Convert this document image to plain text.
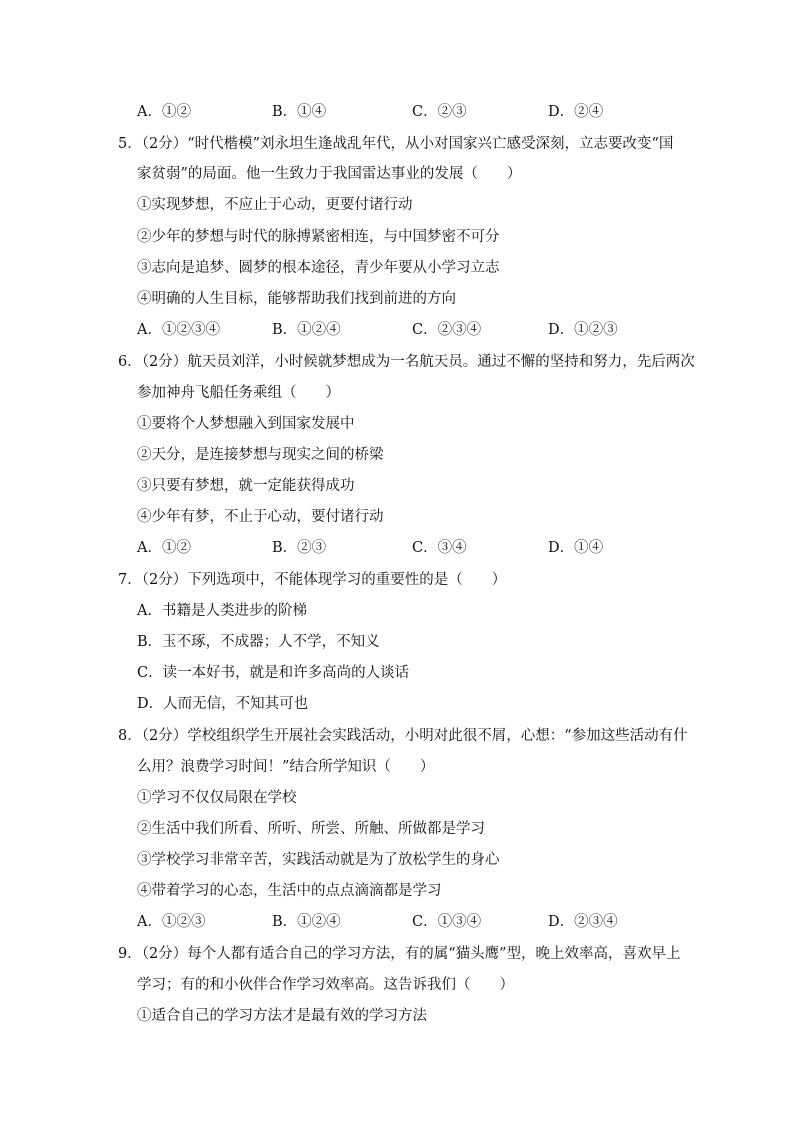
A．①②	B．①④	C．②③	D．②④
5．（2分）“时代楷模”刘永坦生逢战乱年代，从小对国家兴亡感受深刻，立志要改变“国
家贫弱”的局面。他一生致力于我国雷达事业的发展（　　）
①实现梦想，不应止于心动，更要付诸行动
②少年的梦想与时代的脉搏紧密相连，与中国梦密不可分
③志向是追梦、圆梦的根本途径，青少年要从小学习立志
④明确的人生目标，能够帮助我们找到前进的方向
A．①②③④	B．①②④	C．②③④	D．①②③
6．（2分）航天员刘洋，小时候就梦想成为一名航天员。通过不懈的坚持和努力，先后两次
参加神舟飞船任务乘组（　　）
①要将个人梦想融入到国家发展中
②天分，是连接梦想与现实之间的桥梁
③只要有梦想，就一定能获得成功
④少年有梦，不止于心动，要付诸行动
A．①②	B．②③	C．③④	D．①④
7．（2分）下列选项中，不能体现学习的重要性的是（　　）
A．书籍是人类进步的阶梯
B．玉不琢，不成器；人不学，不知义
C．读一本好书，就是和许多高尚的人谈话
D．人而无信，不知其可也
8．（2分）学校组织学生开展社会实践活动，小明对此很不屑，心想：“参加这些活动有什
么用？浪费学习时间！”结合所学知识（　　）
①学习不仅仅局限在学校
②生活中我们所看、所听、所尝、所触、所做都是学习
③学校学习非常辛苦，实践活动就是为了放松学生的身心
④带着学习的心态，生活中的点点滴滴都是学习
A．①②③	B．①②④	C．①③④	D．②③④
9．（2分）每个人都有适合自己的学习方法，有的属“猫头鹰”型，晚上效率高，喜欢早上
学习；有的和小伙伴合作学习效率高。这告诉我们（　　）
①适合自己的学习方法才是最有效的学习方法
